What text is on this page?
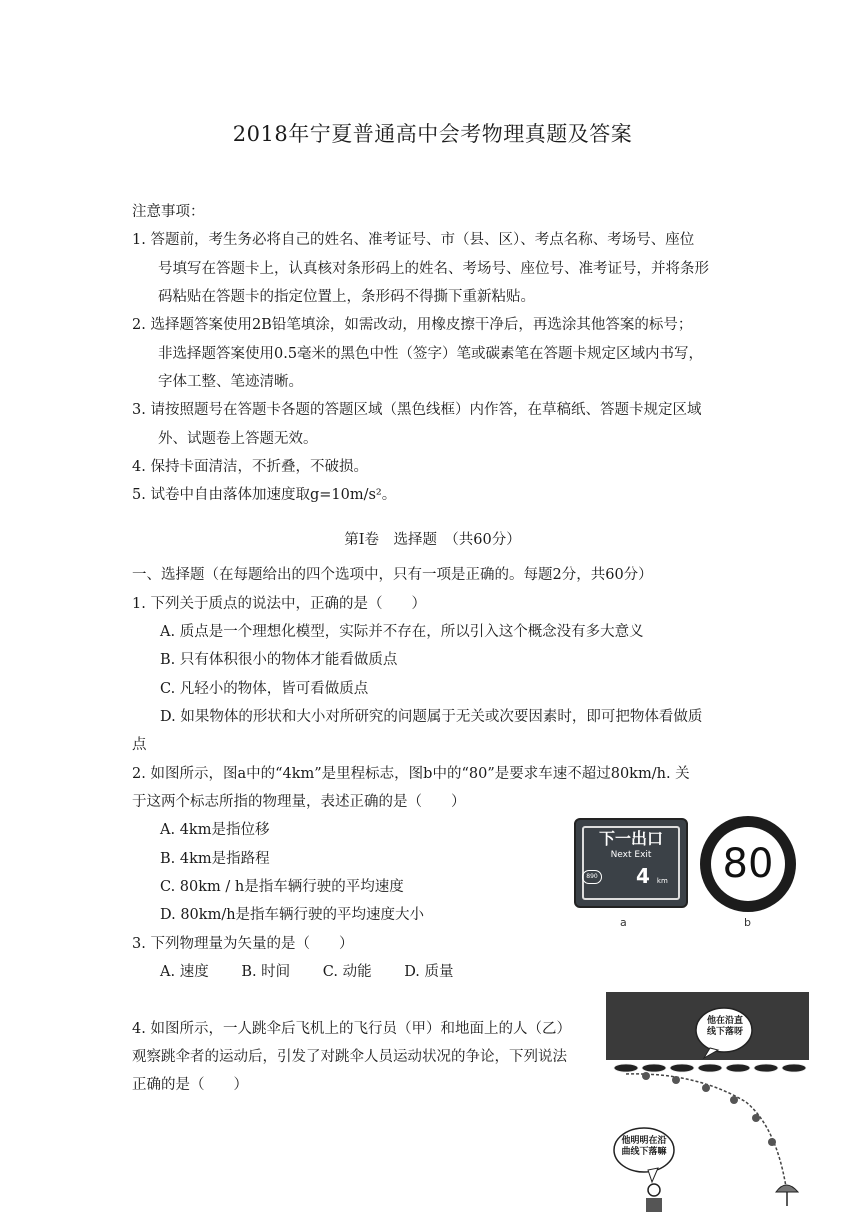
2018年宁夏普通高中会考物理真题及答案
注意事项：
1. 答题前，考生务必将自己的姓名、准考证号、市（县、区）、考点名称、考场号、座位
号填写在答题卡上，认真核对条形码上的姓名、考场号、座位号、准考证号，并将条形
码粘贴在答题卡的指定位置上，条形码不得撕下重新粘贴。
2. 选择题答案使用2B铅笔填涂，如需改动，用橡皮擦干净后，再选涂其他答案的标号；
非选择题答案使用0.5毫米的黑色中性（签字）笔或碳素笔在答题卡规定区域内书写，
字体工整、笔迹清晰。
3. 请按照题号在答题卡各题的答题区域（黑色线框）内作答，在草稿纸、答题卡规定区域
外、试题卷上答题无效。
4. 保持卡面清洁，不折叠，不破损。
5. 试卷中自由落体加速度取g=10m/s²。
第Ⅰ卷　选择题　（共60分）
一、选择题（在每题给出的四个选项中，只有一项是正确的。每题2分，共60分）
1. 下列关于质点的说法中，正确的是（　　）
A. 质点是一个理想化模型，实际并不存在，所以引入这个概念没有多大意义
B. 只有体积很小的物体才能看做质点
C. 凡轻小的物体，皆可看做质点
D. 如果物体的形状和大小对所研究的问题属于无关或次要因素时，即可把物体看做质
点
2. 如图所示，图a中的“4km”是里程标志，图b中的“80”是要求车速不超过80km/h. 关
于这两个标志所指的物理量，表述正确的是（　　）
A. 4km是指位移
B. 4km是指路程
C. 80km / h是指车辆行驶的平均速度
D. 80km/h是指车辆行驶的平均速度大小
下一出口
Next Exit
890 4 km 80
a	b
3. 下列物理量为矢量的是（　　）
A. 速度 B. 时间 C. 动能 D. 质量
4. 如图所示，一人跳伞后飞机上的飞行员（甲）和地面上的人（乙）
观察跳伞者的运动后，引发了对跳伞人员运动状况的争论，下列说法
正确的是（　　）
他在沿直线下落呀
他明明在沿曲线下落嘛
